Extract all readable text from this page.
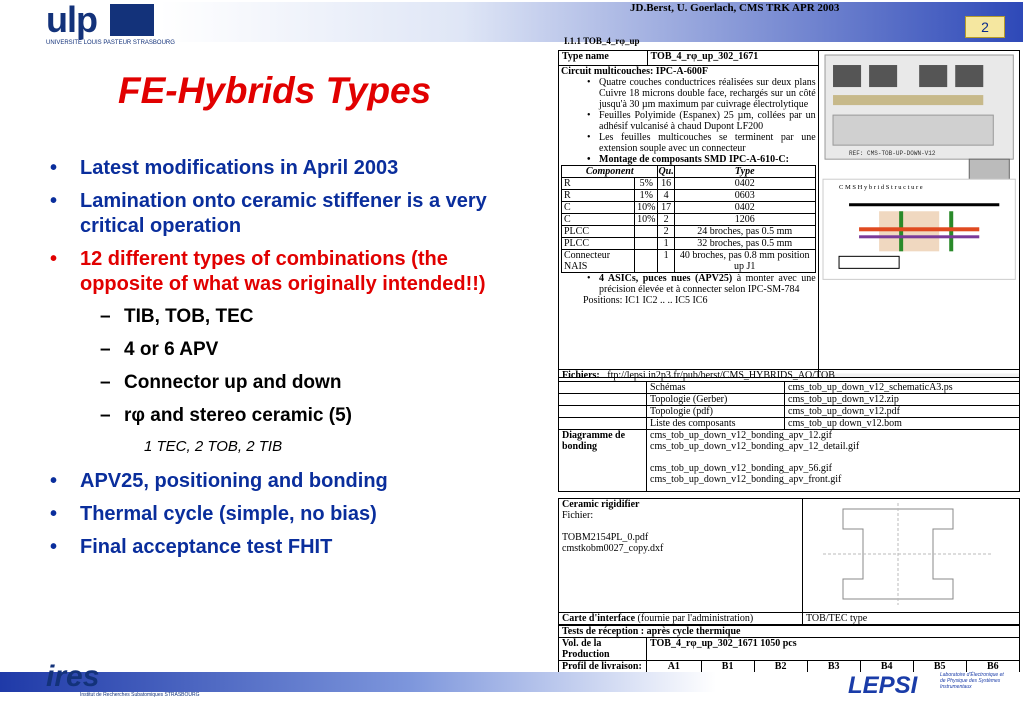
JD.Berst, U. Goerlach, CMS TRK APR 2003
2
ulp
UNIVERSITÉ LOUIS PASTEUR STRASBOURG
FE-Hybrids Types
• Latest modifications in April 2003
• Lamination onto ceramic stiffener is a very critical operation
• 12 different types of combinations (the opposite of what was originally intended!!)
– TIB, TOB, TEC
– 4 or 6 APV
– Connector up and down
– rφ and stereo ceramic (5)
1 TEC, 2 TOB, 2 TIB
• APV25, positioning and bonding
• Thermal cycle (simple, no bias)
• Final acceptance test FHIT
I.1.1 TOB_4_rφ_up
Type name	TOB_4_rφ_up_302_1671	
REF: CMS-TOB-UP-DOWN-V12
C M S H y b r i d S t r u c t u r e

Circuit multicouches: IPC-A-600F
• Quatre couches conductrices réalisées sur deux plans Cuivre 18 microns double face, rechargés sur un côté jusqu'à 30 µm maximum par cuivrage électrolytique
• Feuilles Polyimide (Espanex) 25 µm, collées par un adhésif vulcanisé à chaud Dupont LF200
• Les feuilles multicouches se terminent par une extension souple avec un connecteur
• Montage de composants SMD IPC-A-610-C:
Component	Qu.	Type
R	5%	16	0402
R	1%	4	0603
C	10%	17	0402
C	10%	2	1206
PLCC		2	24 broches, pas 0.5 mm
PLCC		1	32 broches, pas 0.5 mm
Connecteur NAIS		1	40 broches, pas 0.8 mm position up J1
• 4 ASICs, puces nues (APV25) à monter avec une précision élevée et à connecter selon IPC-SM-784
Positions: IC1 IC2 .. .. IC5 IC6
Fichiers: ftp://lepsi.in2p3.fr/pub/berst/CMS_HYBRIDS_AO/TOB		
	Schémas	cms_tob_up_down_v12_schematicA3.ps
	Topologie (Gerber)	cms_tob_up_down_v12.zip
	Topologie (pdf)	cms_tob_up_down_v12.pdf
	Liste des composants	cms_tob_up down_v12.bom
Diagramme de bonding	cms_tob_up_down_v12_bonding_apv_12.gif
cms_tob_up_down_v12_bonding_apv_12_detail.gif
cms_tob_up_down_v12_bonding_apv_56.gif
cms_tob_up_down_v12_bonding_apv_front.gif	
Ceramic rigidifier
Fichier:
TOBM2154PL_0.pdf
cmstkobm0027_copy.dxf

Carte d'interface (fournie par l'administration)	TOB/TEC type
Tests de réception : après cycle thermique							
Vol. de la Production	TOB_4_rφ_up_302_1671 1050 pcs						
Profil de livraison:	A1	B1	B2	B3	B4	B5	B6
ires
Institut de Recherches Subatomiques STRASBOURG	LEPSI	Laboratoire d'Électronique et de Physique des Systèmes Instrumentaux
